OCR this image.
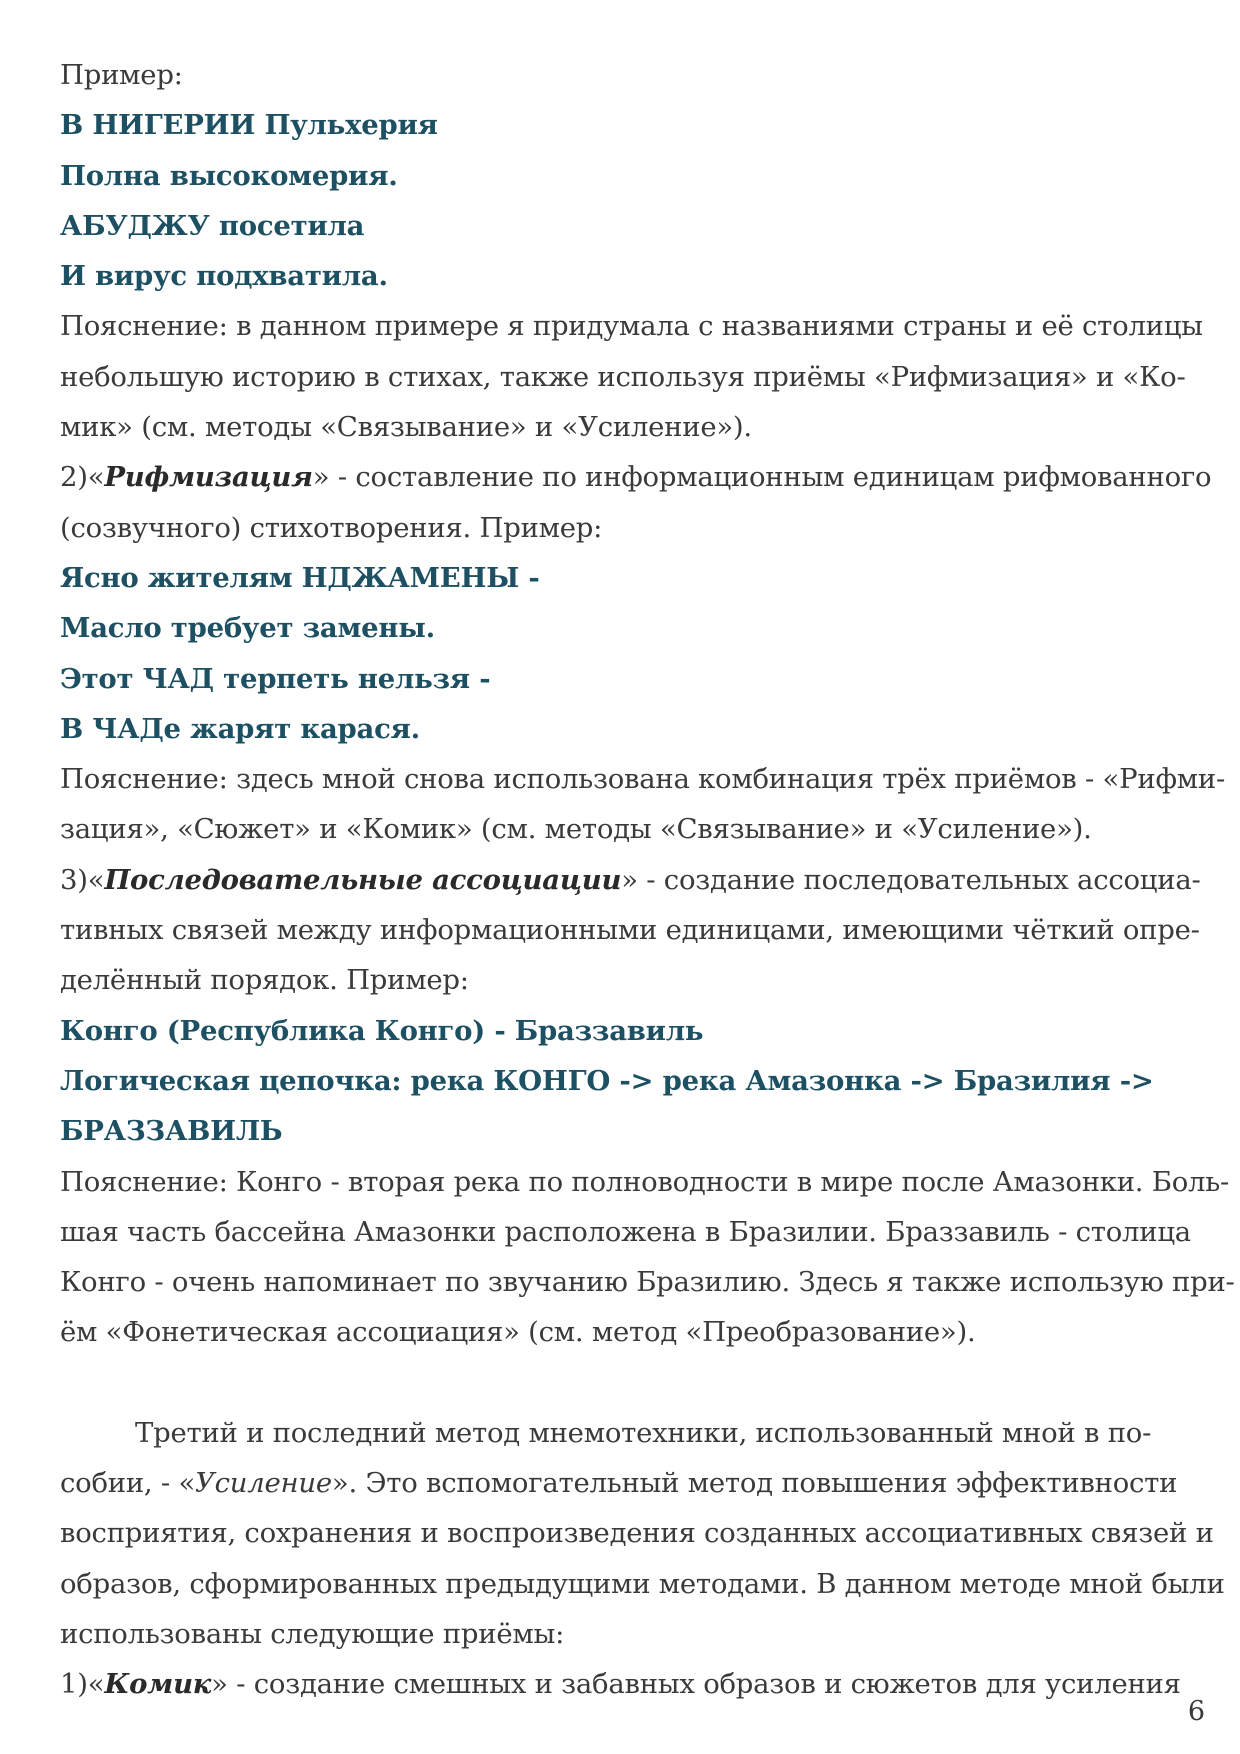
Пример:
В НИГЕРИИ Пульхерия
Полна высокомерия.
АБУДЖУ посетила
И вирус подхватила.
Пояснение: в данном примере я придумала с названиями страны и её столицы
небольшую историю в стихах, также используя приёмы «Рифмизация» и «Ко-
мик» (см. методы «Связывание» и «Усиление»).
2)«Рифмизация» - составление по информационным единицам рифмованного
(созвучного) стихотворения. Пример:
Ясно жителям НДЖАМЕНЫ -
Масло требует замены.
Этот ЧАД терпеть нельзя -
В ЧАДе жарят карася.
Пояснение: здесь мной снова использована комбинация трёх приёмов - «Рифми-
зация», «Сюжет» и «Комик» (см. методы «Связывание» и «Усиление»).
3)«Последовательные ассоциации» - создание последовательных ассоциа-
тивных связей между информационными единицами, имеющими чёткий опре-
делённый порядок. Пример:
Конго (Республика Конго) - Браззавиль
Логическая цепочка: река КОНГО -> река Амазонка -> Бразилия ->
БРАЗЗАВИЛЬ
Пояснение: Конго - вторая река по полноводности в мире после Амазонки. Боль-
шая часть бассейна Амазонки расположена в Бразилии. Браззавиль - столица
Конго - очень напоминает по звучанию Бразилию. Здесь я также использую при-
ём «Фонетическая ассоциация» (см. метод «Преобразование»).
Третий и последний метод мнемотехники, использованный мной в по-
собии, - «Усиление». Это вспомогательный метод повышения эффективности
восприятия, сохранения и воспроизведения созданных ассоциативных связей и
образов, сформированных предыдущими методами. В данном методе мной были
использованы следующие приёмы:
1)«Комик» - создание смешных и забавных образов и сюжетов для усиления
6
